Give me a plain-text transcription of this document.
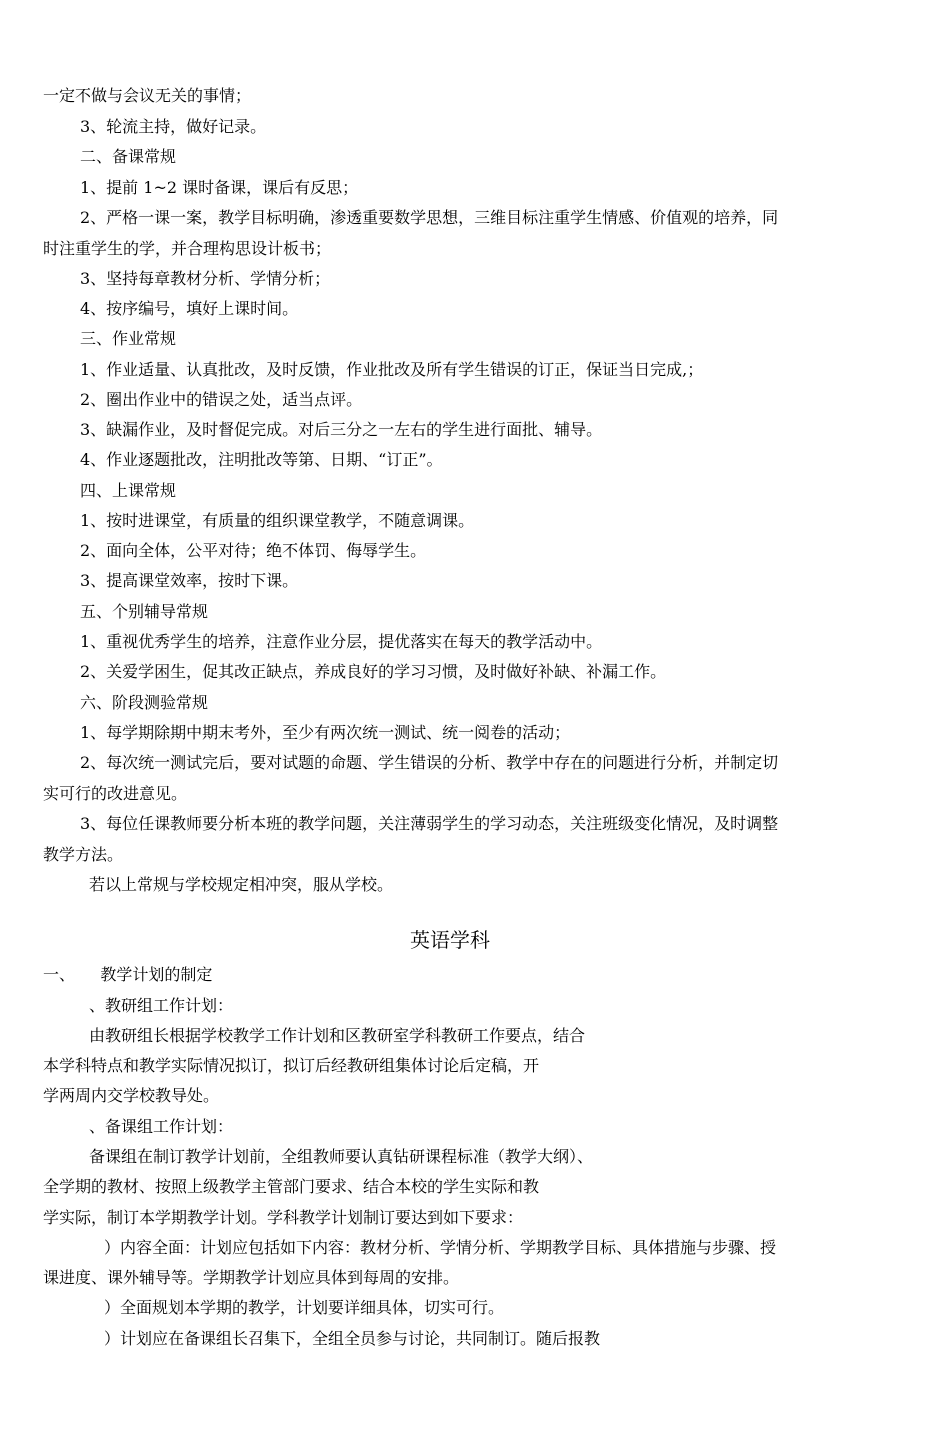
一定不做与会议无关的事情；
3、轮流主持，做好记录。
二、备课常规
1、提前 1~2 课时备课，课后有反思；
2、严格一课一案，教学目标明确，渗透重要数学思想，三维目标注重学生情感、价值观的培养，同
时注重学生的学，并合理构思设计板书；
3、坚持每章教材分析、学情分析；
4、按序编号，填好上课时间。
三、作业常规
1、作业适量、认真批改，及时反馈，作业批改及所有学生错误的订正，保证当日完成,；
2、圈出作业中的错误之处，适当点评。
3、缺漏作业，及时督促完成。对后三分之一左右的学生进行面批、辅导。
4、作业逐题批改，注明批改等第、日期、“订正”。
四、上课常规
1、按时进课堂，有质量的组织课堂教学，不随意调课。
2、面向全体，公平对待；绝不体罚、侮辱学生。
3、提高课堂效率，按时下课。
五、个别辅导常规
1、重视优秀学生的培养，注意作业分层，提优落实在每天的教学活动中。
2、关爱学困生，促其改正缺点，养成良好的学习习惯，及时做好补缺、补漏工作。
六、阶段测验常规
1、每学期除期中期末考外，至少有两次统一测试、统一阅卷的活动；
2、每次统一测试完后，要对试题的命题、学生错误的分析、教学中存在的问题进行分析，并制定切
实可行的改进意见。
3、每位任课教师要分析本班的教学问题，关注薄弱学生的学习动态，关注班级变化情况，及时调整
教学方法。
若以上常规与学校规定相冲突，服从学校。
英语学科
一、     教学计划的制定
、教研组工作计划：
由教研组长根据学校教学工作计划和区教研室学科教研工作要点，结合
本学科特点和教学实际情况拟订，拟订后经教研组集体讨论后定稿，开
学两周内交学校教导处。
、备课组工作计划：
备课组在制订教学计划前，全组教师要认真钻研课程标准（教学大纲）、
全学期的教材、按照上级教学主管部门要求、结合本校的学生实际和教
学实际，制订本学期教学计划。学科教学计划制订要达到如下要求：
）内容全面：计划应包括如下内容：教材分析、学情分析、学期教学目标、具体措施与步骤、授
课进度、课外辅导等。学期教学计划应具体到每周的安排。
）全面规划本学期的教学，计划要详细具体，切实可行。
）计划应在备课组长召集下，全组全员参与讨论，共同制订。随后报教
